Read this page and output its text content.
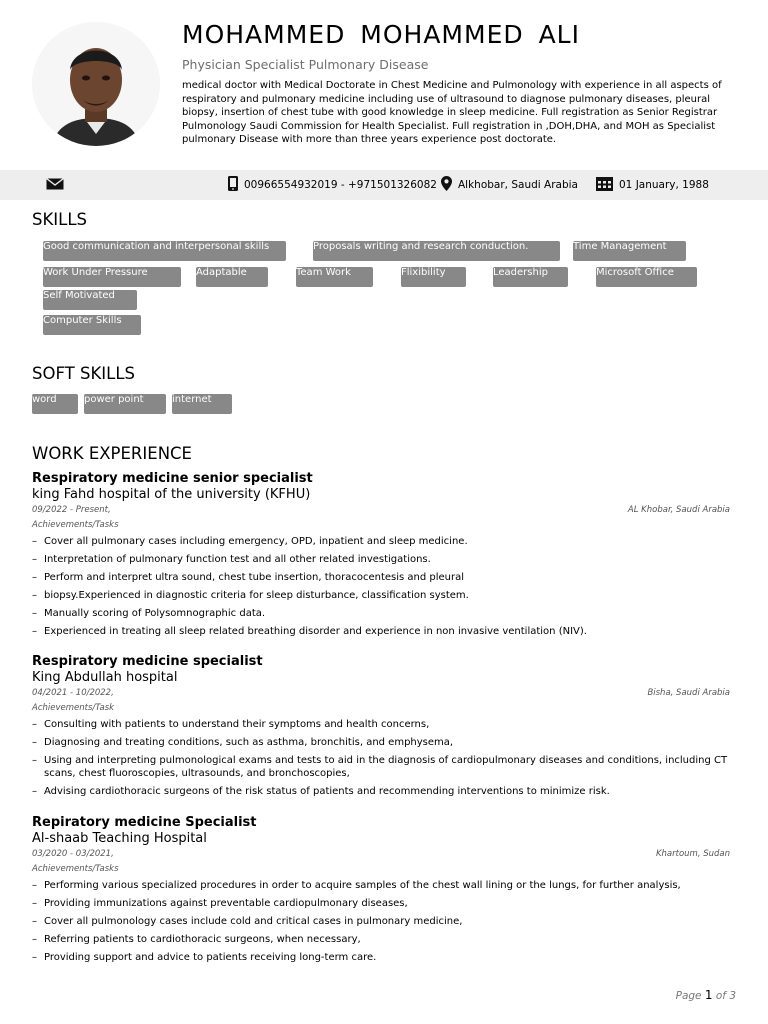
MOHAMMED MOHAMMED ALI
Physician Specialist Pulmonary Disease
medical doctor with Medical Doctorate in Chest Medicine and Pulmonology with experience in all aspects of respiratory and pulmonary medicine including use of ultrasound to diagnose pulmonary diseases, pleural biopsy, insertion of chest tube with good knowledge in sleep medicine. Full registration as Senior Registrar Pulmonology Saudi Commission for Health Specialist. Full registration in ,DOH,DHA, and MOH as Specialist pulmonary Disease with more than three years experience post doctorate.
00966554932019 - +971501326082 Alkhobar, Saudi Arabia	01 January, 1988
SKILLS
Good communication and interpersonal skills	Proposals writing and research conduction.	Time Management
Work Under Pressure	Adaptable	Team Work	Flixibility	Leadership	Microsoft Office
Self Motivated
Computer Skills
SOFT SKILLS
word	power point	internet
WORK EXPERIENCE
Respiratory medicine senior specialist
king Fahd hospital of the university (KFHU)
09/2022 - Present,	AL Khobar, Saudi Arabia
Achievements/Tasks
– Cover all pulmonary cases including emergency, OPD, inpatient and sleep medicine.
– Interpretation of pulmonary function test and all other related investigations.
– Perform and interpret ultra sound, chest tube insertion, thoracocentesis and pleural
– biopsy.Experienced in diagnostic criteria for sleep disturbance, classification system.
– Manually scoring of Polysomnographic data.
– Experienced in treating all sleep related breathing disorder and experience in non invasive ventilation (NIV).
Respiratory medicine specialist
King Abdullah hospital
04/2021 - 10/2022,	Bisha, Saudi Arabia
Achievements/Task
– Consulting with patients to understand their symptoms and health concerns,
– Diagnosing and treating conditions, such as asthma, bronchitis, and emphysema,
– Using and interpreting pulmonological exams and tests to aid in the diagnosis of cardiopulmonary diseases and conditions, including CT scans, chest fluoroscopies, ultrasounds, and bronchoscopies,
– Advising cardiothoracic surgeons of the risk status of patients and recommending interventions to minimize risk.
Repiratory medicine Specialist
Al-shaab Teaching Hospital
03/2020 - 03/2021,	Khartoum, Sudan
Achievements/Tasks
– Performing various specialized procedures in order to acquire samples of the chest wall lining or the lungs, for further analysis,
– Providing immunizations against preventable cardiopulmonary diseases,
– Cover all pulmonology cases include cold and critical cases in pulmonary medicine,
– Referring patients to cardiothoracic surgeons, when necessary,
– Providing support and advice to patients receiving long-term care.
Page 1 of 3
